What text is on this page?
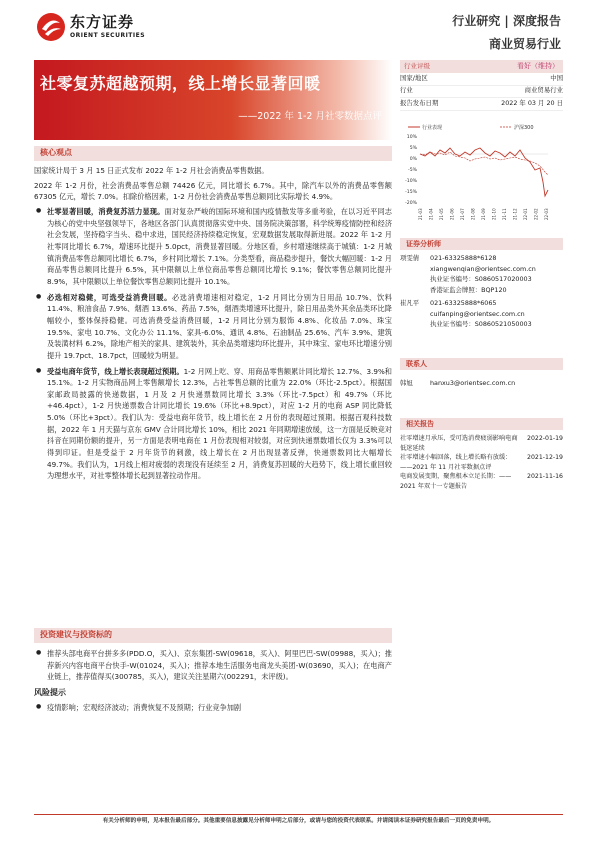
东方证券
ORIENT SECURITIES
行业研究 | 深度报告
商业贸易行业
社零复苏超越预期，线上增长显著回暖
——2022 年 1-2 月社零数据点评
行业评级	看好（维持）
国家/地区	中国
行业	商业贸易行业
报告发布日期	2022 年 03 月 20 日
行业表现	沪深300
10%
5%
0%
-5%
-10%
-15%
-20%
21-03 21-04 21-05 21-06 21-07 21-08 21-09 21-10 21-11 21-12 22-01 22-02 22-03
证券分析师
项雯倩	021-63325888*6128
xiangwenqian@orientsec.com.cn
执业证书编号：S0860517020003
香港证监会牌照：BQP120
崔凡平	021-63325888*6065
cuifanping@orientsec.com.cn
执业证书编号：S0860521050003
联系人
韩旭	hanxu3@orientsec.com.cn
相关报告
社零增速月承压，受可选消费疲弱影响电商 2022-01-19
低迷延续
社零增速小幅回落，线上增长略有放缓：	2021-12-19
——2021 年 11 月社零数据点评
电商发展变期，聚焦根本立足长期：——	2021-11-16
2021 年双十一专题报告
核心观点
国家统计局于 3 月 15 日正式发布 2022 年 1-2 月社会消费品零售数据。
2022 年 1-2 月份，社会消费品零售总额 74426 亿元，同比增长 6.7%。其中，除汽车以外的消费品零售额 67305 亿元，增长 7.0%。扣除价格因素，1-2 月份社会消费品零售总额同比实际增长 4.9%。
● 社零显著回暖，消费复苏活力显现。面对复杂严峻的国际环境和国内疫情散发等多重考验，在以习近平同志为核心的党中央坚强领导下，各地区各部门认真贯彻落实党中央、国务院决策部署，科学统筹疫情防控和经济社会发展，坚持稳字当头、稳中求进，国民经济持续稳定恢复，宏观数据发展取得新进展。2022 年 1-2 月社零同比增长 6.7%，增速环比提升 5.0pct，消费显著回暖。分地区看，乡村增速继续高于城镇：1-2 月城镇消费品零售总额同比增长 6.7%，乡村同比增长 7.1%。分类型看，商品稳步提升，餐饮大幅回暖：1-2 月商品零售总额同比提升 6.5%，其中限额以上单位商品零售总额同比增长 9.1%；餐饮零售总额同比提升 8.9%，其中限额以上单位餐饮零售总额同比提升 10.1%。
● 必选相对稳健，可选受益消费回暖。必选消费增速相对稳定，1-2 月同比分别为日用品 10.7%、饮料 11.4%、粮油食品 7.9%、烟酒 13.6%、药品 7.5%，烟酒类增速环比提升，除日用品类外其余品类环比降幅较小，整体保持稳健。可选消费受益消费回暖，1-2 月同比分别为服饰 4.8%、化妆品 7.0%、珠宝 19.5%、家电 10.7%、文化办公 11.1%、家具-6.0%、通讯 4.8%、石油制品 25.6%、汽车 3.9%、建筑及装潢材料 6.2%，除地产相关的家具、建筑装外，其余品类增速均环比提升，其中珠宝、家电环比增速分别提升 19.7pct、18.7pct，回暖较为明显。
● 受益电商年货节，线上增长表现超过预期。1-2 月网上吃、穿、用商品零售额累计同比增长 12.7%、3.9%和 15.1%。1-2 月实物商品网上零售额增长 12.3%，占社零售总额的比重为 22.0%（环比-2.5pct）。根据国家邮政局披露的快递数据，1 月及 2 月快递票数同比增长 3.3%（环比-7.5pct）和 49.7%（环比+46.4pct），1-2 月快递票数合计同比增长 19.6%（环比+8.9pct），对应 1-2 月的电商 ASP 同比降低 5.0%（环比+3pct）。我们认为：受益电商年货节，线上增长在 2 月份的表现超过预期。根据百观科技数据，2022 年 1 月天猫与京东 GMV 合计同比增长 10%，相比 2021 年同期增速放缓，这一方面是反映竞对抖音在同期份额的提升，另一方面是表明电商在 1 月份表现相对较弱，对应到快递票数增长仅为 3.3%可以得到印证。但是受益于 2 月年货节的刺激，线上增长在 2 月出现显著反弹，快递票数同比大幅增长 49.7%。我们认为，1月线上相对疲弱的表现没有延续至 2 月，消费复苏回暖的大趋势下，线上增长重回较为理想水平，对社零整体增长起到显著拉动作用。
投资建议与投资标的
● 推荐头部电商平台拼多多(PDD.O，买入)、京东集团-SW(09618，买入)、阿里巴巴-SW(09988，买入)；推荐新兴内容电商平台快手-W(01024，买入)；推荐本地生活服务电商龙头美团-W(03690，买入)；在电商产业链上，推荐值得买(300785，买入)，建议关注星期六(002291，未评级)。
风险提示
● 疫情影响；宏观经济波动；消费恢复不及预期；行业竞争加剧
有关分析师的申明，见本报告最后部分。其他重要信息披露见分析师申明之后部分，或请与您的投资代表联系。并请阅读本证券研究报告最后一页的免责申明。
